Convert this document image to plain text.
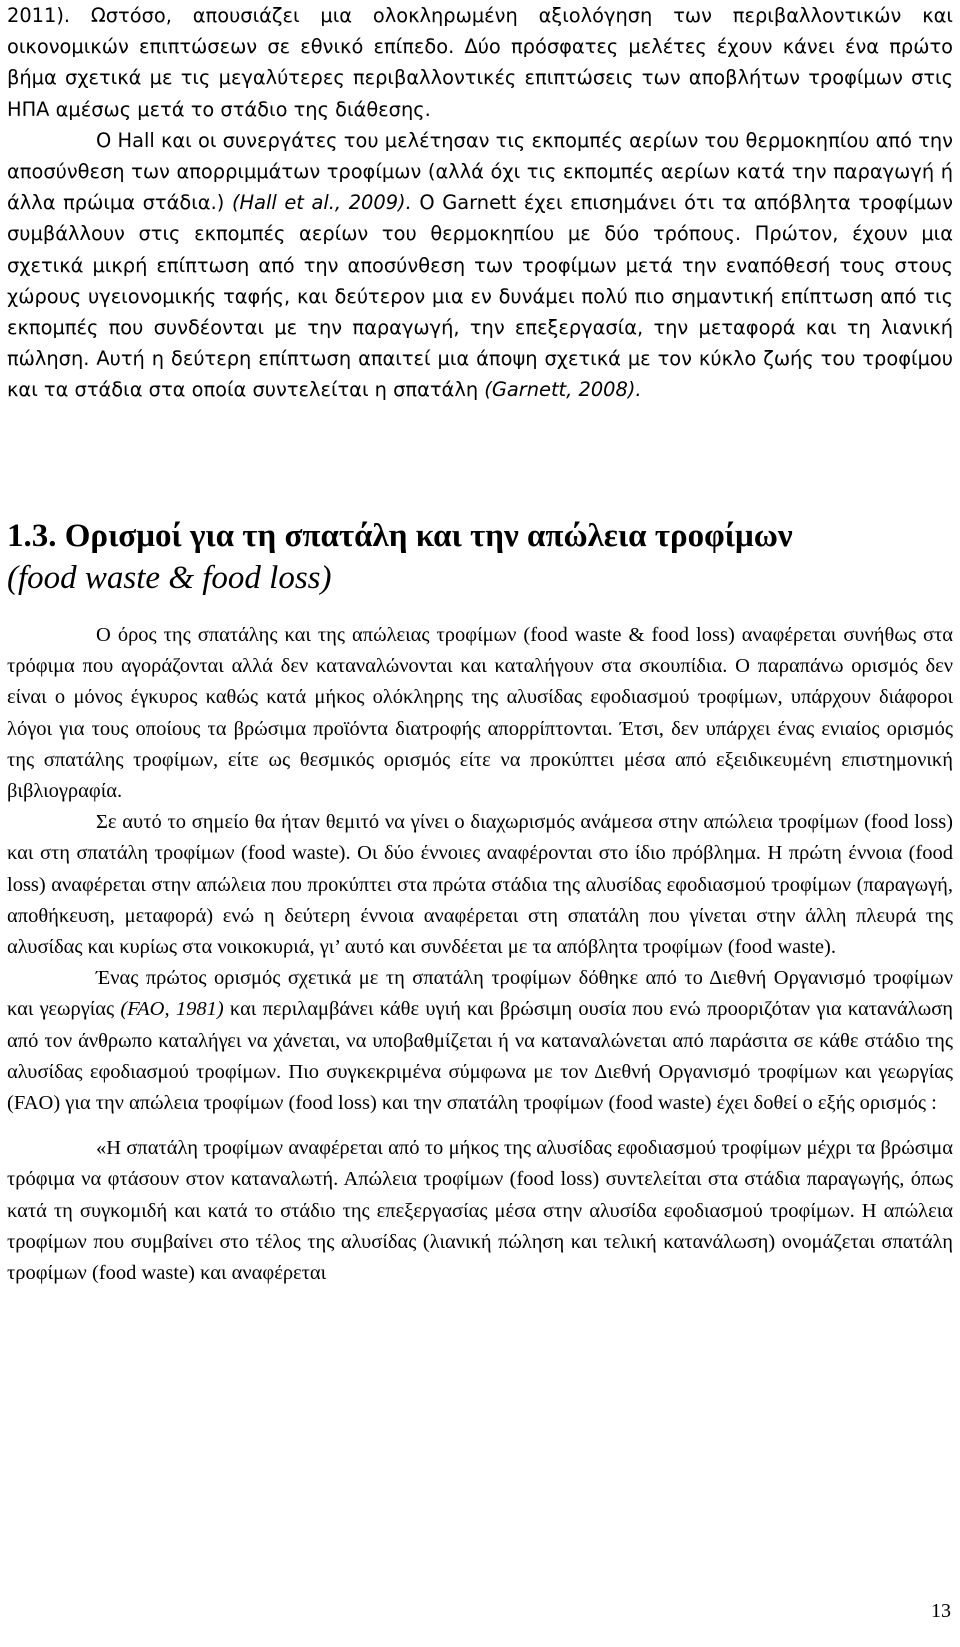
2011). Ωστόσο, απουσιάζει μια ολοκληρωμένη αξιολόγηση των περιβαλλοντικών και οικονομικών επιπτώσεων σε εθνικό επίπεδο. Δύο πρόσφατες μελέτες έχουν κάνει ένα πρώτο βήμα σχετικά με τις μεγαλύτερες περιβαλλοντικές επιπτώσεις των αποβλήτων τροφίμων στις ΗΠΑ αμέσως μετά το στάδιο της διάθεσης.

Ο Hall και οι συνεργάτες του μελέτησαν τις εκπομπές αερίων του θερμοκηπίου από την αποσύνθεση των απορριμμάτων τροφίμων (αλλά όχι τις εκπομπές αερίων κατά την παραγωγή ή άλλα πρώιμα στάδια.) (Hall et al., 2009). Ο Garnett έχει επισημάνει ότι τα απόβλητα τροφίμων συμβάλλουν στις εκπομπές αερίων του θερμοκηπίου με δύο τρόπους. Πρώτον, έχουν μια σχετικά μικρή επίπτωση από την αποσύνθεση των τροφίμων μετά την εναπόθεσή τους στους χώρους υγειονομικής ταφής, και δεύτερον μια εν δυνάμει πολύ πιο σημαντική επίπτωση από τις εκπομπές που συνδέονται με την παραγωγή, την επεξεργασία, την μεταφορά και τη λιανική πώληση. Αυτή η δεύτερη επίπτωση απαιτεί μια άποψη σχετικά με τον κύκλο ζωής του τροφίμου και τα στάδια στα οποία συντελείται η σπατάλη (Garnett, 2008).

1.3. Ορισμοί για τη σπατάλη και την απώλεια τροφίμων
(food waste & food loss)

Ο όρος της σπατάλης και της απώλειας τροφίμων (food waste & food loss) αναφέρεται συνήθως στα τρόφιμα που αγοράζονται αλλά δεν καταναλώνονται και καταλήγουν στα σκουπίδια. Ο παραπάνω ορισμός δεν είναι ο μόνος έγκυρος καθώς κατά μήκος ολόκληρης της αλυσίδας εφοδιασμού τροφίμων, υπάρχουν διάφοροι λόγοι για τους οποίους τα βρώσιμα προϊόντα διατροφής απορρίπτονται. Έτσι, δεν υπάρχει ένας ενιαίος ορισμός της σπατάλης τροφίμων, είτε ως θεσμικός ορισμός είτε να προκύπτει μέσα από εξειδικευμένη επιστημονική βιβλιογραφία.

Σε αυτό το σημείο θα ήταν θεμιτό να γίνει ο διαχωρισμός ανάμεσα στην απώλεια τροφίμων (food loss) και στη σπατάλη τροφίμων (food waste). Οι δύο έννοιες αναφέρονται στο ίδιο πρόβλημα. Η πρώτη έννοια (food loss) αναφέρεται στην απώλεια που προκύπτει στα πρώτα στάδια της αλυσίδας εφοδιασμού τροφίμων (παραγωγή, αποθήκευση, μεταφορά) ενώ η δεύτερη έννοια αναφέρεται στη σπατάλη που γίνεται στην άλλη πλευρά της αλυσίδας και κυρίως στα νοικοκυριά, γι’ αυτό και συνδέεται με τα απόβλητα τροφίμων (food waste).

Ένας πρώτος ορισμός σχετικά με τη σπατάλη τροφίμων δόθηκε από το Διεθνή Οργανισμό τροφίμων και γεωργίας (FAO, 1981) και περιλαμβάνει κάθε υγιή και βρώσιμη ουσία που ενώ προοριζόταν για κατανάλωση από τον άνθρωπο καταλήγει να χάνεται, να υποβαθμίζεται ή να καταναλώνεται από παράσιτα σε κάθε στάδιο της αλυσίδας εφοδιασμού τροφίμων. Πιο συγκεκριμένα σύμφωνα με τον Διεθνή Οργανισμό τροφίμων και γεωργίας (FAO) για την απώλεια τροφίμων (food loss) και την σπατάλη τροφίμων (food waste) έχει δοθεί ο εξής ορισμός :

«Η σπατάλη τροφίμων αναφέρεται από το μήκος της αλυσίδας εφοδιασμού τροφίμων μέχρι τα βρώσιμα τρόφιμα να φτάσουν στον καταναλωτή. Απώλεια τροφίμων (food loss) συντελείται στα στάδια παραγωγής, όπως κατά τη συγκομιδή και κατά το στάδιο της επεξεργασίας μέσα στην αλυσίδα εφοδιασμού τροφίμων. Η απώλεια τροφίμων που συμβαίνει στο τέλος της αλυσίδας (λιανική πώληση και τελική κατανάλωση) ονομάζεται σπατάλη τροφίμων (food waste) και αναφέρεται

13
